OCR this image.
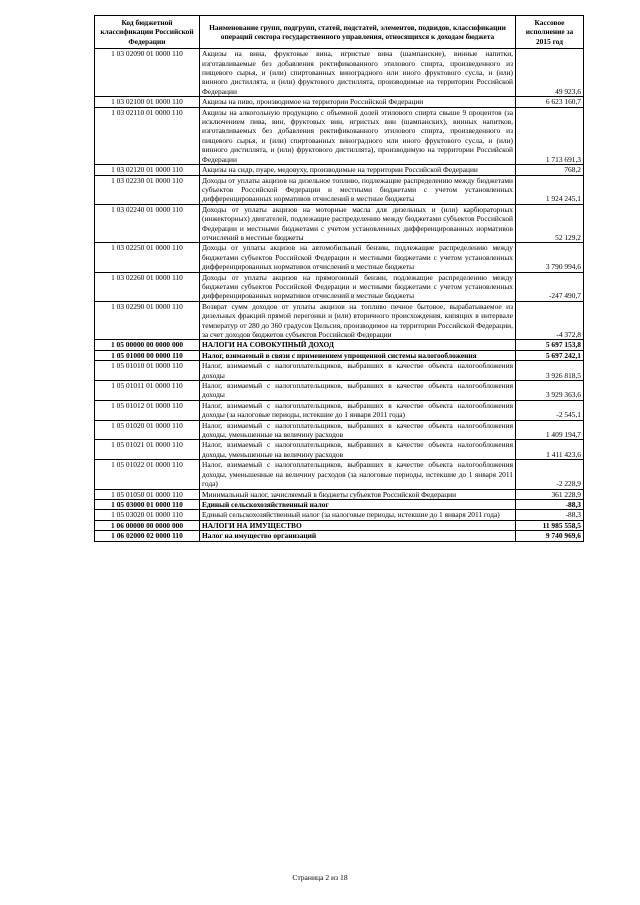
Код бюджетной классификации Российской Федерации	Наименование групп, подгрупп, статей, подстатей, элементов, подвидов, классификации операций сектора государственного управления, относящихся к доходам бюджета	Кассовое исполнение за 2015 год
1 03 02090 01 0000 110	Акцизы на вина, фруктовые вина, игристые вина (шампанские), винные напитки, изготавливаемые без добавления ректификованного этилового спирта, произведенного из пищевого сырья, и (или) спиртованных виноградного или иного фруктового сусла, и (или) винного дистиллята, и (или) фруктового дистиллята, производимые на территории Российской Федерации	49 923,6
1 03 02100 01 0000 110	Акцизы на пиво, производимое на территории Российской Федерации	6 623 160,7
1 03 02110 01 0000 110	Акцизы на алкогольную продукцию с объемной долей этилового спирта свыше 9 процентов (за исключением пива, вин, фруктовых вин, игристых вин (шампанских), винных напитков, изготавливаемых без добавления ректификованного этилового спирта, произведенного из пищевого сырья, и (или) спиртованных виноградного или иного фруктового сусла, и (или) винного дистиллята, и (или) фруктового дистиллята), производимую на территории Российской Федерации	1 713 691,3
1 03 02120 01 0000 110	Акцизы на сидр, пуаре, медовуху, производимые на территории Российской Федерации	768,2
1 03 02230 01 0000 110	Доходы от уплаты акцизов на дизельное топливо, подлежащие распределению между бюджетами субъектов Российской Федерации и местными бюджетами с учетом установленных дифференцированных нормативов отчислений в местные бюджеты	1 924 245,1
1 03 02240 01 0000 110	Доходы от уплаты акцизов на моторные масла для дизельных и (или) карбюраторных (инжекторных) двигателей, подлежащие распределению между бюджетами субъектов Российской Федерации и местными бюджетами с учетом установленных дифференцированных нормативов отчислений в местные бюджеты	52 129,2
1 03 02250 01 0000 110	Доходы от уплаты акцизов на автомобильный бензин, подлежащие распределению между бюджетами субъектов Российской Федерации и местными бюджетами с учетом установленных дифференцированных нормативов отчислений в местные бюджеты	3 790 994,6
1 03 02260 01 0000 110	Доходы от уплаты акцизов на прямогонный бензин, подлежащие распределению между бюджетами субъектов Российской Федерации и местными бюджетами с учетом установленных дифференцированных нормативов отчислений в местные бюджеты	-247 490,7
1 03 02290 01 0000 110	Возврат сумм доходов от уплаты акцизов на топливо печное бытовое, вырабатываемое из дизельных фракций прямой перегонки и (или) вторичного происхождения, кипящих в интервале температур от 280 до 360 градусов Цельсия, производимое на территории Российской Федерации, за счет доходов бюджетов субъектов Российской Федерации	-4 372,8
1 05 00000 00 0000 000	НАЛОГИ НА СОВОКУПНЫЙ ДОХОД	5 697 153,8
1 05 01000 00 0000 110	Налог, взимаемый в связи с применением упрощенной системы налогообложения	5 697 242,1
1 05 01010 01 0000 110	Налог, взимаемый с налогоплательщиков, выбравших в качестве объекта налогообложения доходы	3 926 818,5
1 05 01011 01 0000 110	Налог, взимаемый с налогоплательщиков, выбравших в качестве объекта налогообложения доходы	3 929 363,6
1 05 01012 01 0000 110	Налог, взимаемый с налогоплательщиков, выбравших в качестве объекта налогообложения доходы (за налоговые периоды, истекшие до 1 января 2011 года)	-2 545,1
1 05 01020 01 0000 110	Налог, взимаемый с налогоплательщиков, выбравших в качестве объекта налогообложения доходы, уменьшенные на величину расходов	1 409 194,7
1 05 01021 01 0000 110	Налог, взимаемый с налогоплательщиков, выбравших в качестве объекта налогообложения доходы, уменьшенные на величину расходов	1 411 423,6
1 05 01022 01 0000 110	Налог, взимаемый с налогоплательщиков, выбравших в качестве объекта налогообложения доходы, уменьшенные на величину расходов (за налоговые периоды, истекшие до 1 января 2011 года)	-2 228,9
1 05 01050 01 0000 110	Минимальный налог, зачисляемый в бюджеты субъектов Российской Федерации	361 228,9
1 05 03000 01 0000 110	Единый сельскохозяйственный налог	-88,3
1 05 03020 01 0000 110	Единый сельскохозяйственный налог (за налоговые периоды, истекшие до 1 января 2011 года)	-88,3
1 06 00000 00 0000 000	НАЛОГИ НА ИМУЩЕСТВО	11 985 558,5
1 06 02000 02 0000 110	Налог на имущество организаций	9 740 969,6
Страница 2 из 18
